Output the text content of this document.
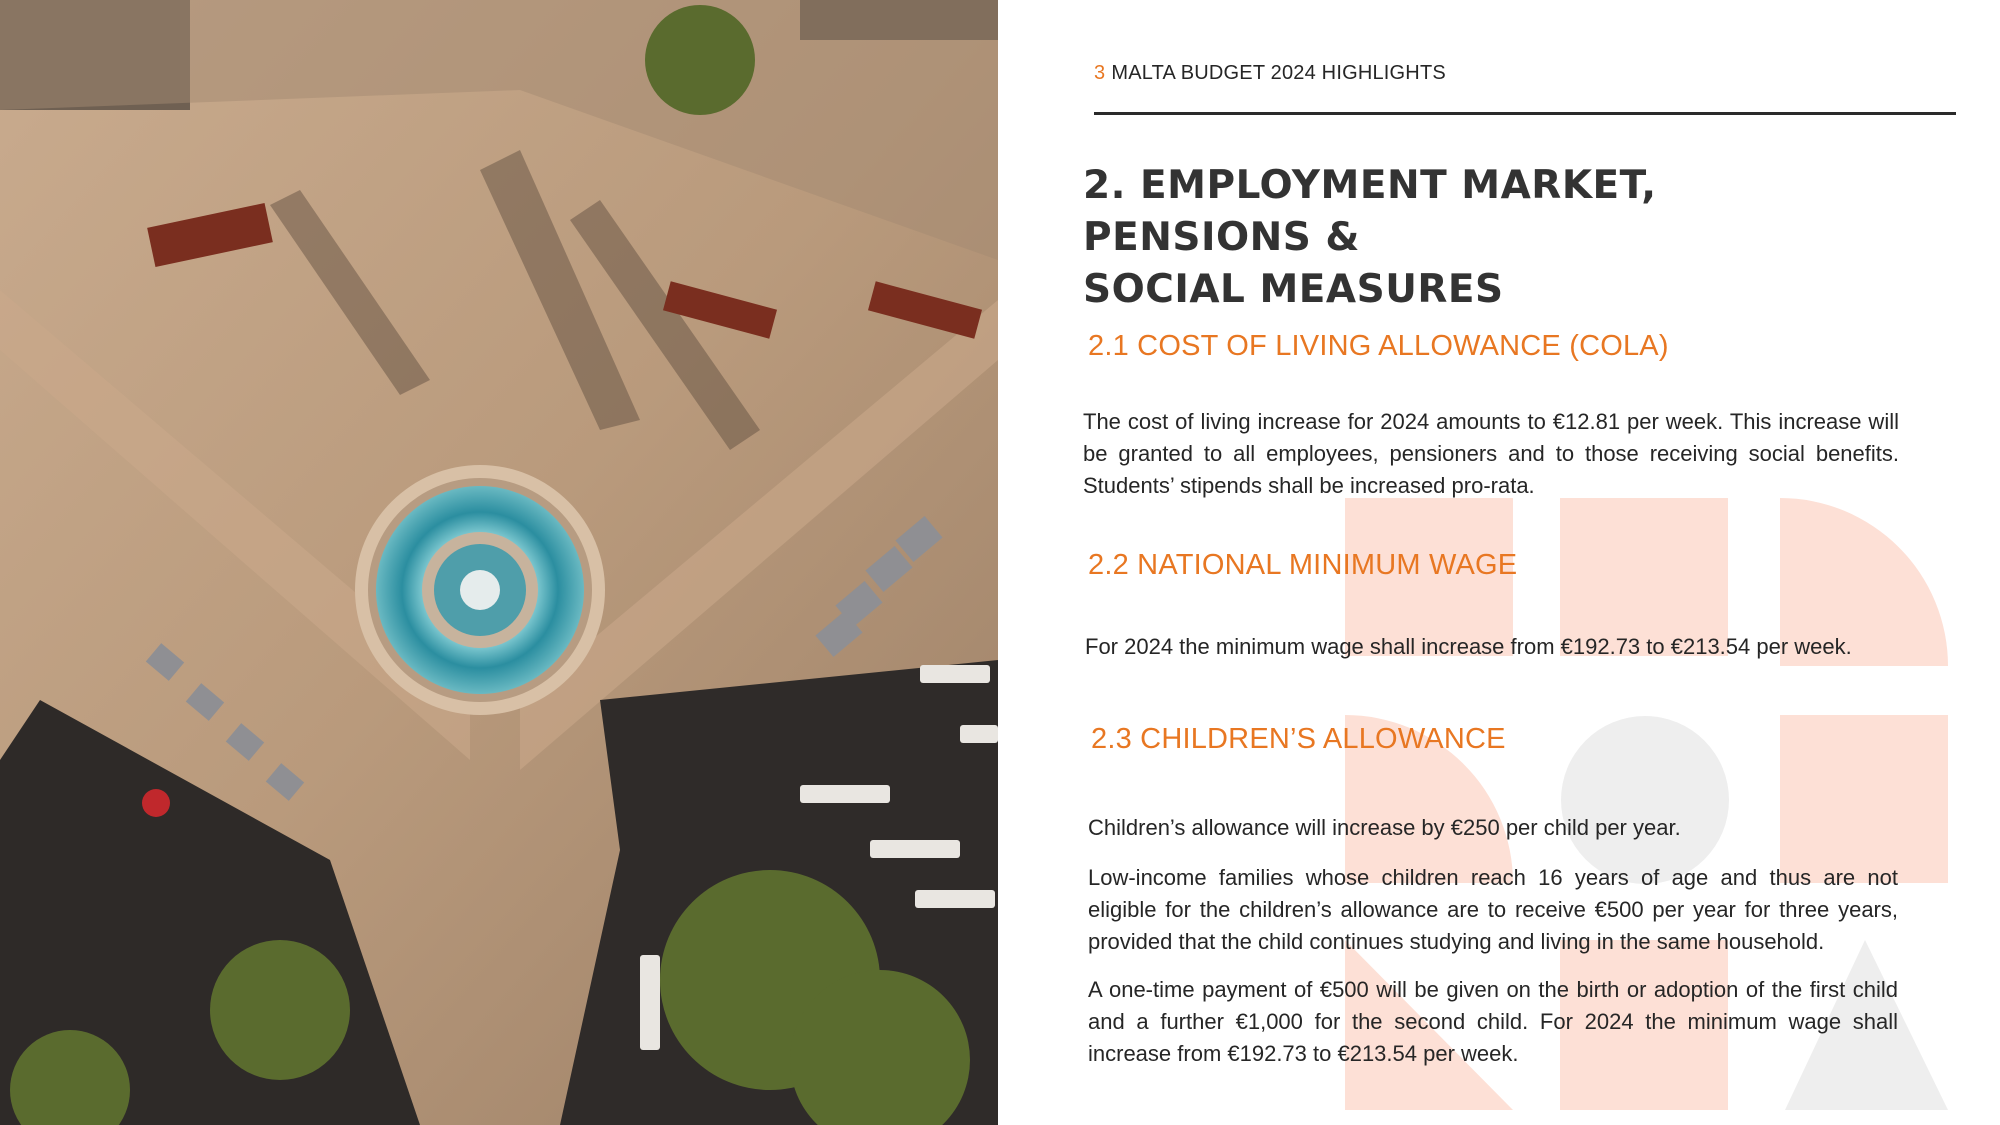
3 MALTA BUDGET 2024 HIGHLIGHTS
2. EMPLOYMENT MARKET, PENSIONS &
SOCIAL MEASURES
2.1 COST OF LIVING ALLOWANCE (COLA)
The cost of living increase for 2024 amounts to €12.81 per week. This increase will be granted to all employees, pensioners and to those receiving social benefits. Students’ stipends shall be increased pro-rata.
2.2 NATIONAL MINIMUM WAGE
For 2024 the minimum wage shall increase from €192.73 to €213.54 per week.
2.3 CHILDREN’S ALLOWANCE
Children’s allowance will increase by €250 per child per year.
Low-income families whose children reach 16 years of age and thus are not eligible for the children’s allowance are to receive €500 per year for three years, provided that the child continues studying and living in the same household.
A one-time payment of €500 will be given on the birth or adoption of the first child and a further €1,000 for the second child. For 2024 the minimum wage shall increase from €192.73 to €213.54 per week.
